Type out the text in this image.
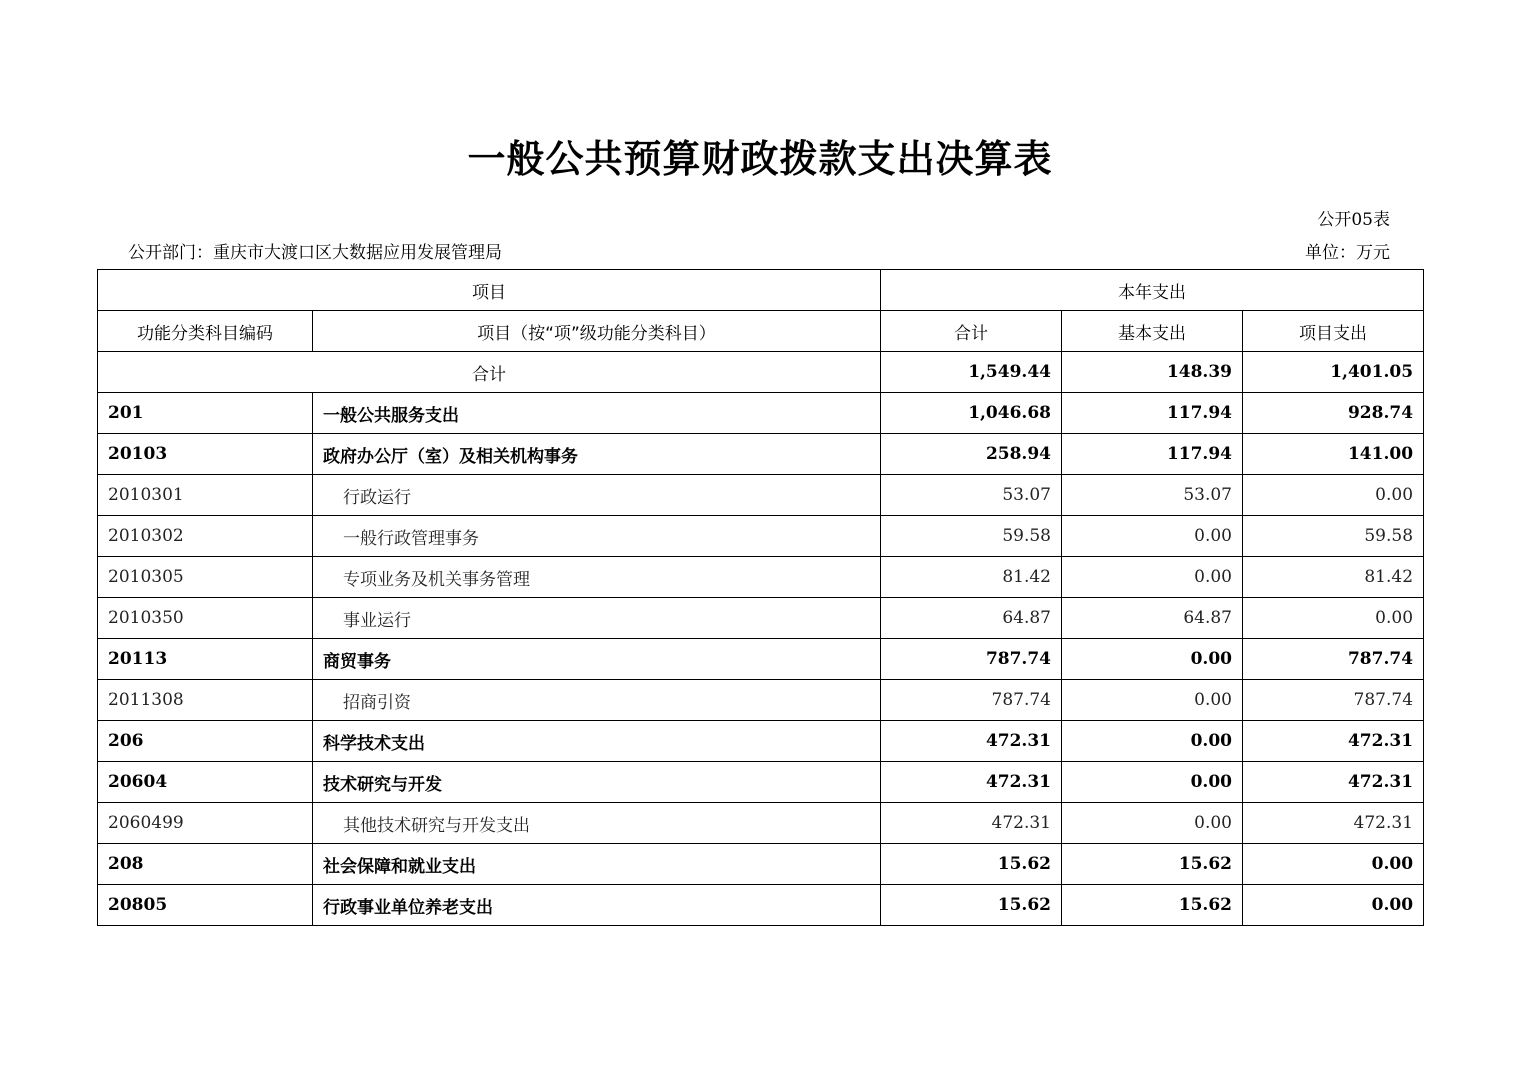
一般公共预算财政拨款支出决算表
公开05表
公开部门：重庆市大渡口区大数据应用发展管理局	单位：万元
项目		本年支出		
功能分类科目编码	项目（按“项”级功能分类科目）	合计	基本支出	项目支出
合计		1,549.44	148.39	1,401.05
201	一般公共服务支出	1,046.68	117.94	928.74
20103	政府办公厅（室）及相关机构事务	258.94	117.94	141.00
2010301	行政运行	53.07	53.07	0.00
2010302	一般行政管理事务	59.58	0.00	59.58
2010305	专项业务及机关事务管理	81.42	0.00	81.42
2010350	事业运行	64.87	64.87	0.00
20113	商贸事务	787.74	0.00	787.74
2011308	招商引资	787.74	0.00	787.74
206	科学技术支出	472.31	0.00	472.31
20604	技术研究与开发	472.31	0.00	472.31
2060499	其他技术研究与开发支出	472.31	0.00	472.31
208	社会保障和就业支出	15.62	15.62	0.00
20805	行政事业单位养老支出	15.62	15.62	0.00
